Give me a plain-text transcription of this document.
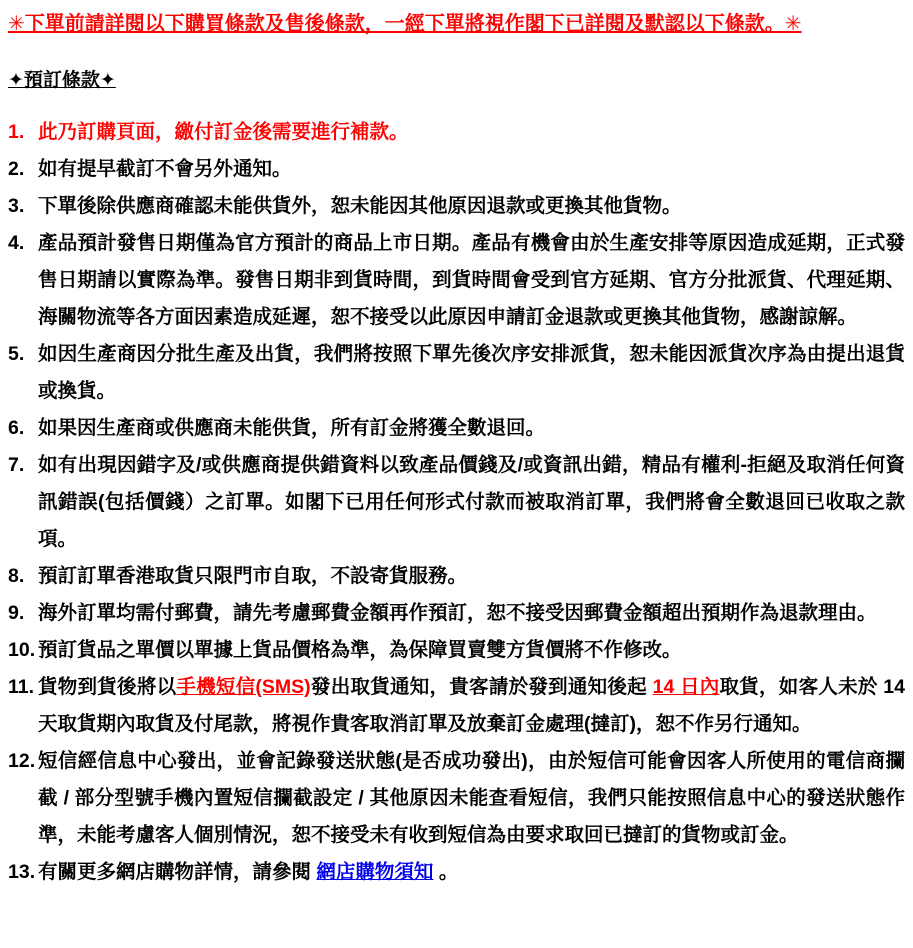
✳下單前請詳閱以下購買條款及售後條款，一經下單將視作閣下已詳閱及默認以下條款。✳
✦預訂條款✦
1. 此乃訂購頁面，繳付訂金後需要進行補款。
2. 如有提早截訂不會另外通知。
3. 下單後除供應商確認未能供貨外，恕未能因其他原因退款或更換其他貨物。
4. 產品預計發售日期僅為官方預計的商品上市日期。產品有機會由於生產安排等原因造成延期，正式發售日期請以實際為準。發售日期非到貨時間，到貨時間會受到官方延期、官方分批派貨、代理延期、海關物流等各方面因素造成延遲，恕不接受以此原因申請訂金退款或更換其他貨物，感謝諒解。
5. 如因生產商因分批生產及出貨，我們將按照下單先後次序安排派貨，恕未能因派貨次序為由提出退貨或換貨。
6. 如果因生產商或供應商未能供貨，所有訂金將獲全數退回。
7. 如有出現因錯字及/或供應商提供錯資料以致產品價錢及/或資訊出錯，精品有權利-拒絕及取消任何資訊錯誤(包括價錢）之訂單。如閣下已用任何形式付款而被取消訂單，我們將會全數退回已收取之款項。
8. 預訂訂單香港取貨只限門市自取，不設寄貨服務。
9. 海外訂單均需付郵費，請先考慮郵費金額再作預訂，恕不接受因郵費金額超出預期作為退款理由。
10. 預訂貨品之單價以單據上貨品價格為準，為保障買賣雙方貨價將不作修改。
11. 貨物到貨後將以手機短信(SMS)發出取貨通知，貴客請於發到通知後起 14 日內取貨，如客人未於 14 天取貨期內取貨及付尾款，將視作貴客取消訂單及放棄訂金處理(撻訂)，恕不作另行通知。
12. 短信經信息中心發出，並會記錄發送狀態(是否成功發出)，由於短信可能會因客人所使用的電信商攔截 / 部分型號手機內置短信攔截設定 / 其他原因未能查看短信，我們只能按照信息中心的發送狀態作準，未能考慮客人個別情況，恕不接受未有收到短信為由要求取回已撻訂的貨物或訂金。
13. 有關更多網店購物詳情，請參閱 網店購物須知 。
